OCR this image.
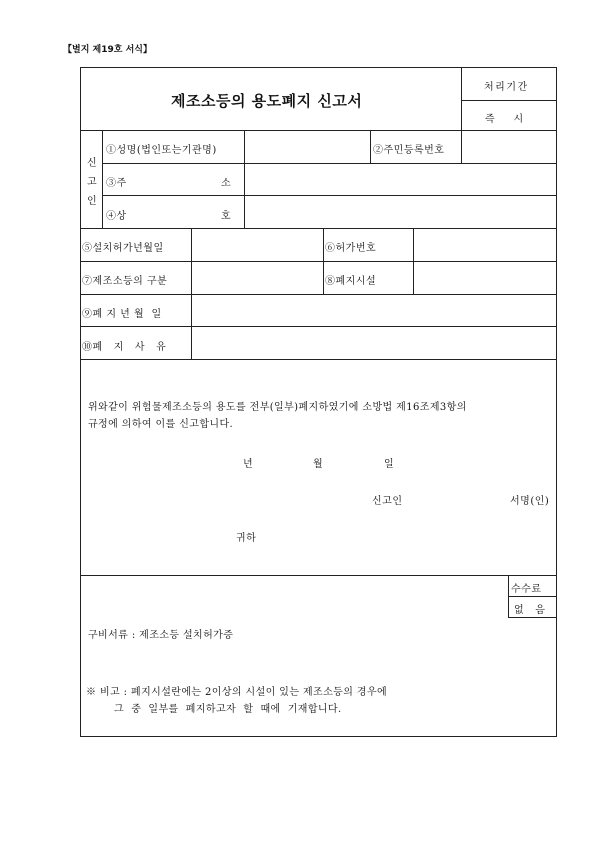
【별지 제19호 서식】
제조소등의 용도폐지 신고서
처리기간
즉     시
신
고
인
①성명(법인또는기관명)	②주민등록번호
③주	소
④상	호
⑤설치허가년월일	⑥허가번호
⑦제조소등의 구분	⑧폐지시설
⑨폐 지 년 월  일
⑩폐   지   사   유
위와같이 위험물제조소등의 용도를 전부(일부)폐지하였기에 소방법 제16조제3항의
규정에 의하여 이를 신고합니다.
년	월	일
신고인	서명(인)
귀하
수수료
없   음
구비서류 : 제조소등 설치허가증
※ 비고 : 폐지시설란에는 2이상의 시설이 있는 제조소등의 경우에
그  중  일부를  폐지하고자  할  때에  기재합니다.
